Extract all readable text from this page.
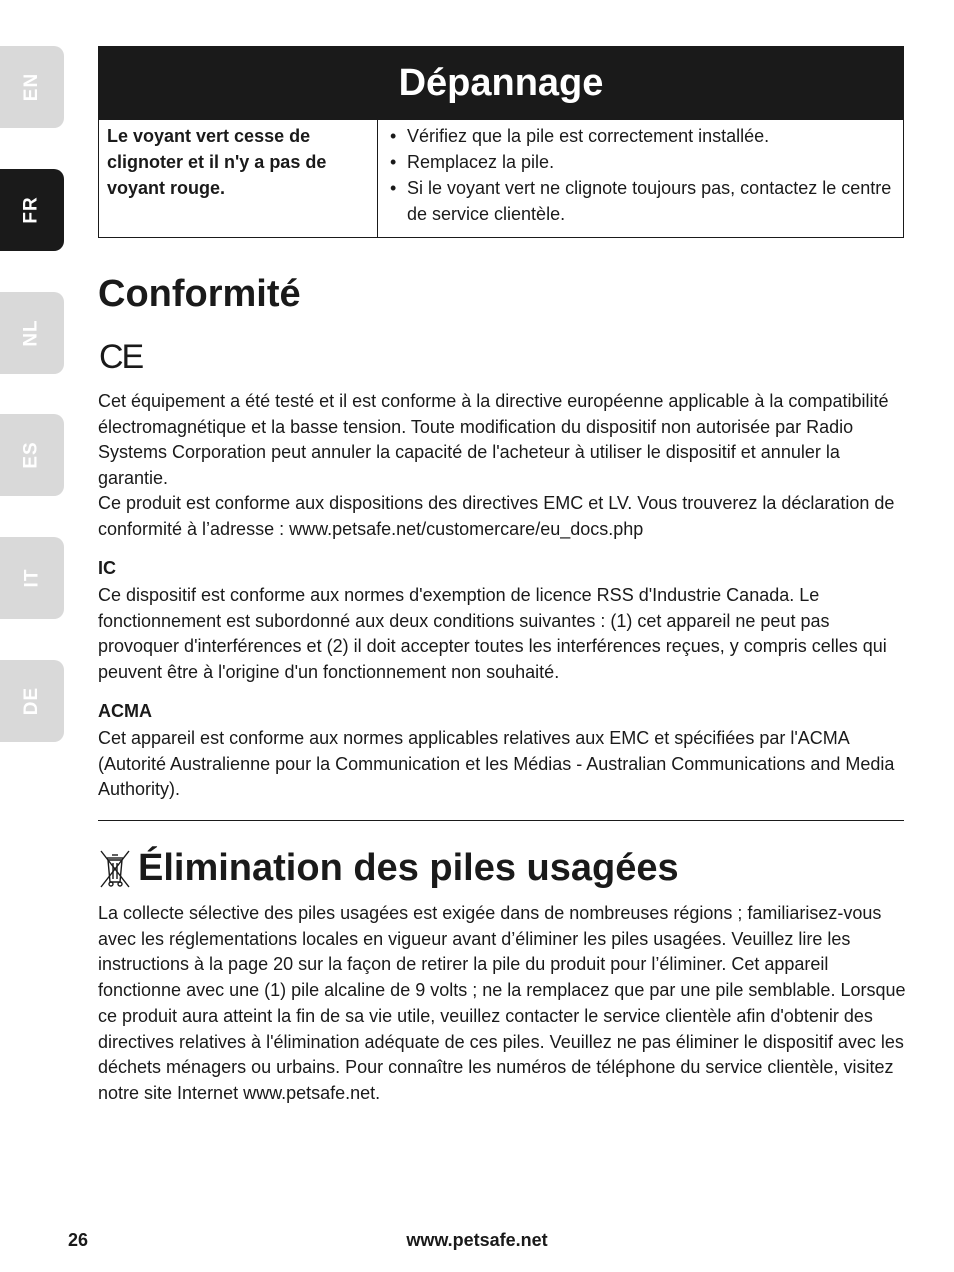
EN
FR
NL
ES
IT
DE
Dépannage
Le voyant vert cesse de clignoter et il n'y a pas de voyant rouge.
• Vérifiez que la pile est correctement installée.
• Remplacez la pile.
• Si le voyant vert ne clignote toujours pas, contactez le centre de service clientèle.
Conformité
CE

Cet équipement a été testé et il est conforme à la directive européenne applicable à la compatibilité électromagnétique et la basse tension. Toute modification du dispositif non autorisée par Radio Systems Corporation peut annuler la capacité de l'acheteur à utiliser le dispositif et annuler la garantie.

Ce produit est conforme aux dispositions des directives EMC et LV. Vous trouverez la déclaration de conformité à l’adresse : www.petsafe.net/customercare/eu_docs.php

IC

Ce dispositif est conforme aux normes d'exemption de licence RSS d'Industrie Canada. Le fonctionnement est subordonné aux deux conditions suivantes : (1) cet appareil ne peut pas provoquer d'interférences et (2) il doit accepter toutes les interférences reçues, y compris celles qui peuvent être à l'origine d'un fonctionnement non souhaité.

ACMA

Cet appareil est conforme aux normes applicables relatives aux EMC et spécifiées par l'ACMA (Autorité Australienne pour la Communication et les Médias - Australian Communications and Media Authority).

Élimination des piles usagées

La collecte sélective des piles usagées est exigée dans de nombreuses régions ; familiarisez-vous avec les réglementations locales en vigueur avant d’éliminer les piles usagées. Veuillez lire les instructions à la page 20 sur la façon de retirer la pile du produit pour l’éliminer. Cet appareil fonctionne avec une (1) pile alcaline de 9 volts ; ne la remplacez que par une pile semblable. Lorsque ce produit aura atteint la fin de sa vie utile, veuillez contacter le service clientèle afin d'obtenir des directives relatives à l'élimination adéquate de ces piles. Veuillez ne pas éliminer le dispositif avec les déchets ménagers ou urbains. Pour connaître les numéros de téléphone du service clientèle, visitez notre site Internet www.petsafe.net.

www.petsafe.net
26
